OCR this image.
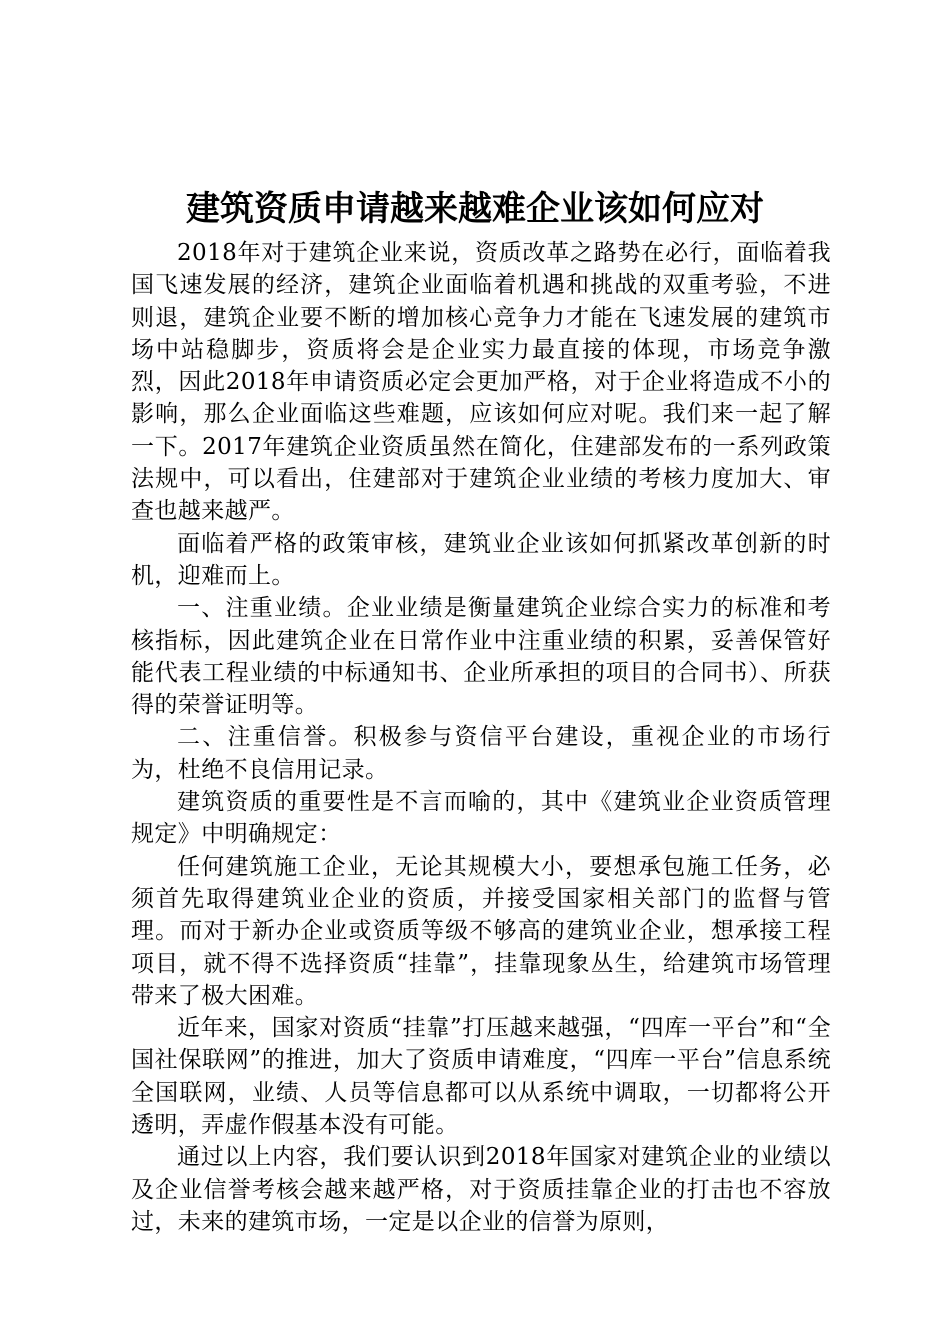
建筑资质申请越来越难企业该如何应对

2018年对于建筑企业来说，资质改革之路势在必行，面临着我国飞速发展的经济，建筑企业面临着机遇和挑战的双重考验，不进则退，建筑企业要不断的增加核心竞争力才能在飞速发展的建筑市场中站稳脚步，资质将会是企业实力最直接的体现，市场竞争激烈，因此2018年申请资质必定会更加严格，对于企业将造成不小的影响，那么企业面临这些难题，应该如何应对呢。我们来一起了解一下。2017年建筑企业资质虽然在简化，住建部发布的一系列政策法规中，可以看出，住建部对于建筑企业业绩的考核力度加大、审查也越来越严。

面临着严格的政策审核，建筑业企业该如何抓紧改革创新的时机，迎难而上。

一、注重业绩。企业业绩是衡量建筑企业综合实力的标准和考核指标，因此建筑企业在日常作业中注重业绩的积累，妥善保管好能代表工程业绩的中标通知书、企业所承担的项目的合同书）、所获得的荣誉证明等。

二、注重信誉。积极参与资信平台建设，重视企业的市场行为，杜绝不良信用记录。

建筑资质的重要性是不言而喻的，其中《建筑业企业资质管理规定》中明确规定：

任何建筑施工企业，无论其规模大小，要想承包施工任务，必须首先取得建筑业企业的资质，并接受国家相关部门的监督与管理。而对于新办企业或资质等级不够高的建筑业企业，想承接工程项目，就不得不选择资质“挂靠”，挂靠现象丛生，给建筑市场管理带来了极大困难。

近年来，国家对资质“挂靠”打压越来越强，“四库一平台”和“全国社保联网”的推进，加大了资质申请难度，“四库一平台”信息系统全国联网，业绩、人员等信息都可以从系统中调取，一切都将公开透明，弄虚作假基本没有可能。

通过以上内容，我们要认识到2018年国家对建筑企业的业绩以及企业信誉考核会越来越严格，对于资质挂靠企业的打击也不容放过，未来的建筑市场，一定是以企业的信誉为原则，
